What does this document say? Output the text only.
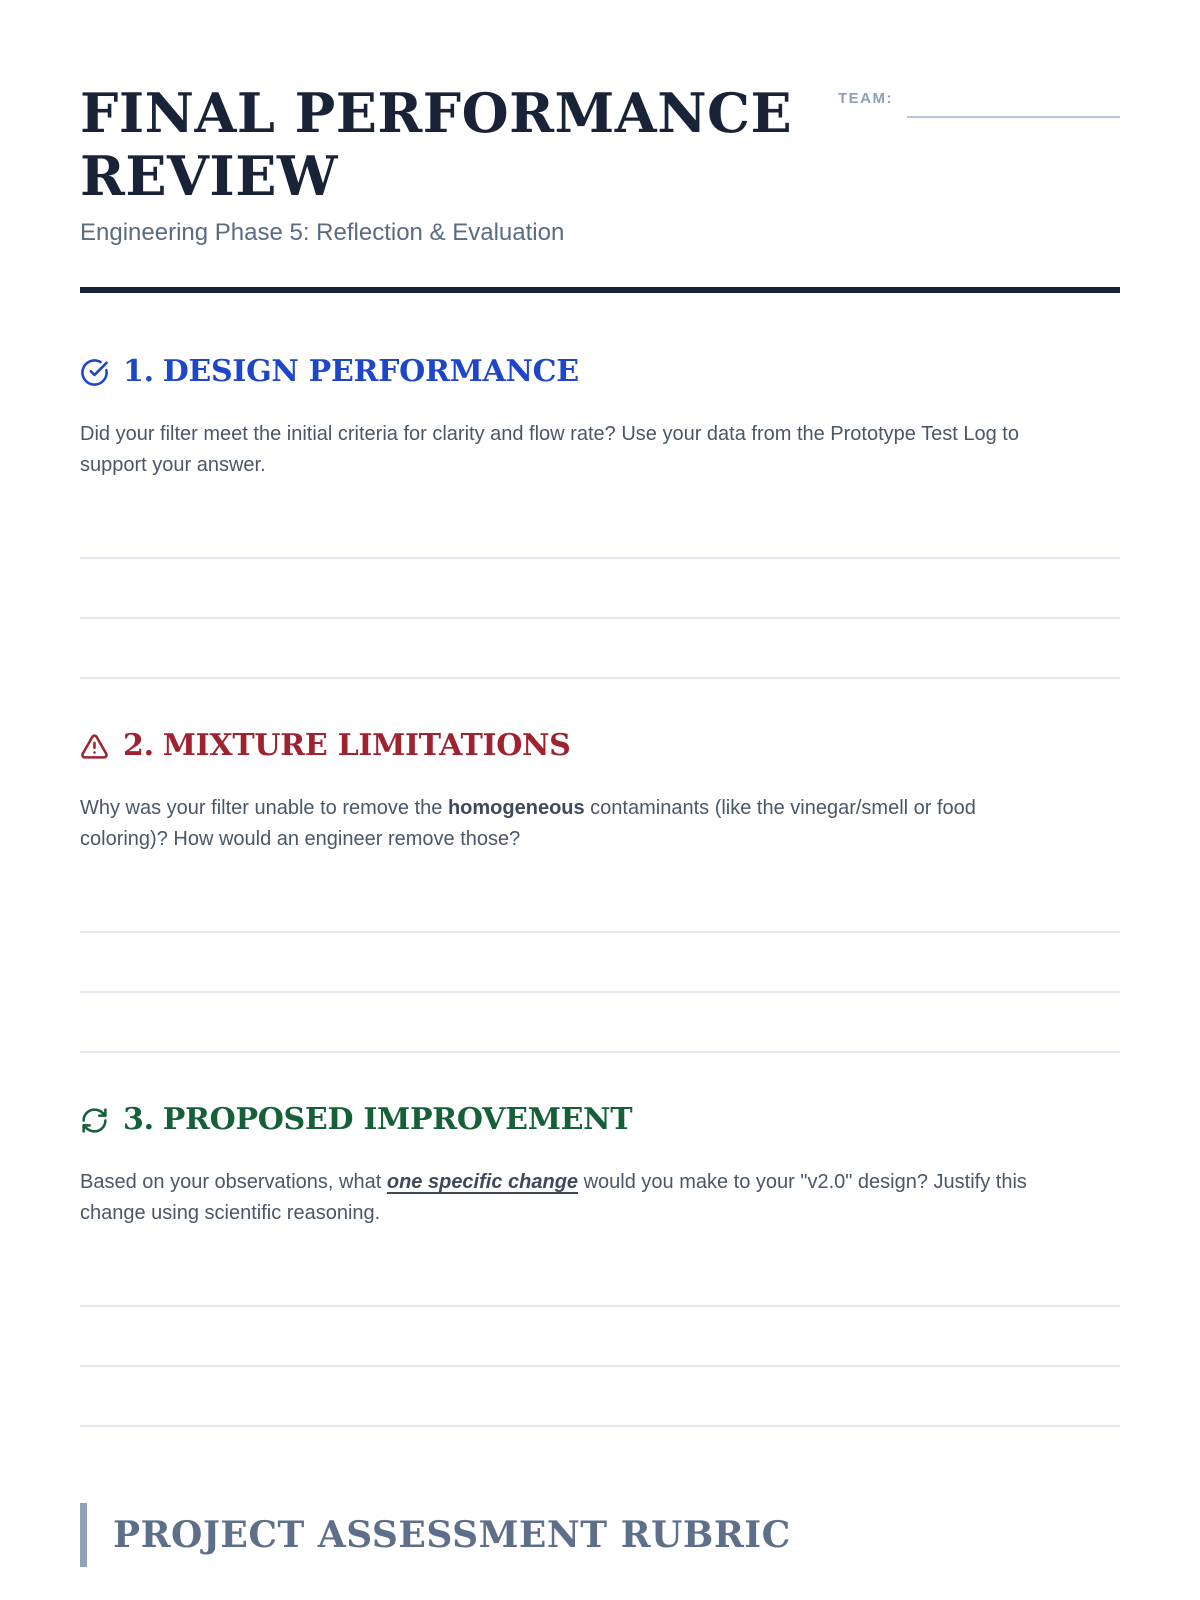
TEAM:
FINAL PERFORMANCE
REVIEW
Engineering Phase 5: Reflection & Evaluation
1. DESIGN PERFORMANCE

Did your filter meet the initial criteria for clarity and flow rate? Use your data from the Prototype Test Log to support your answer.

2. MIXTURE LIMITATIONS

Why was your filter unable to remove the homogeneous contaminants (like the vinegar/smell or food coloring)? How would an engineer remove those?

3. PROPOSED IMPROVEMENT

Based on your observations, what one specific change would you make to your "v2.0" design? Justify this change using scientific reasoning.

PROJECT ASSESSMENT RUBRIC
